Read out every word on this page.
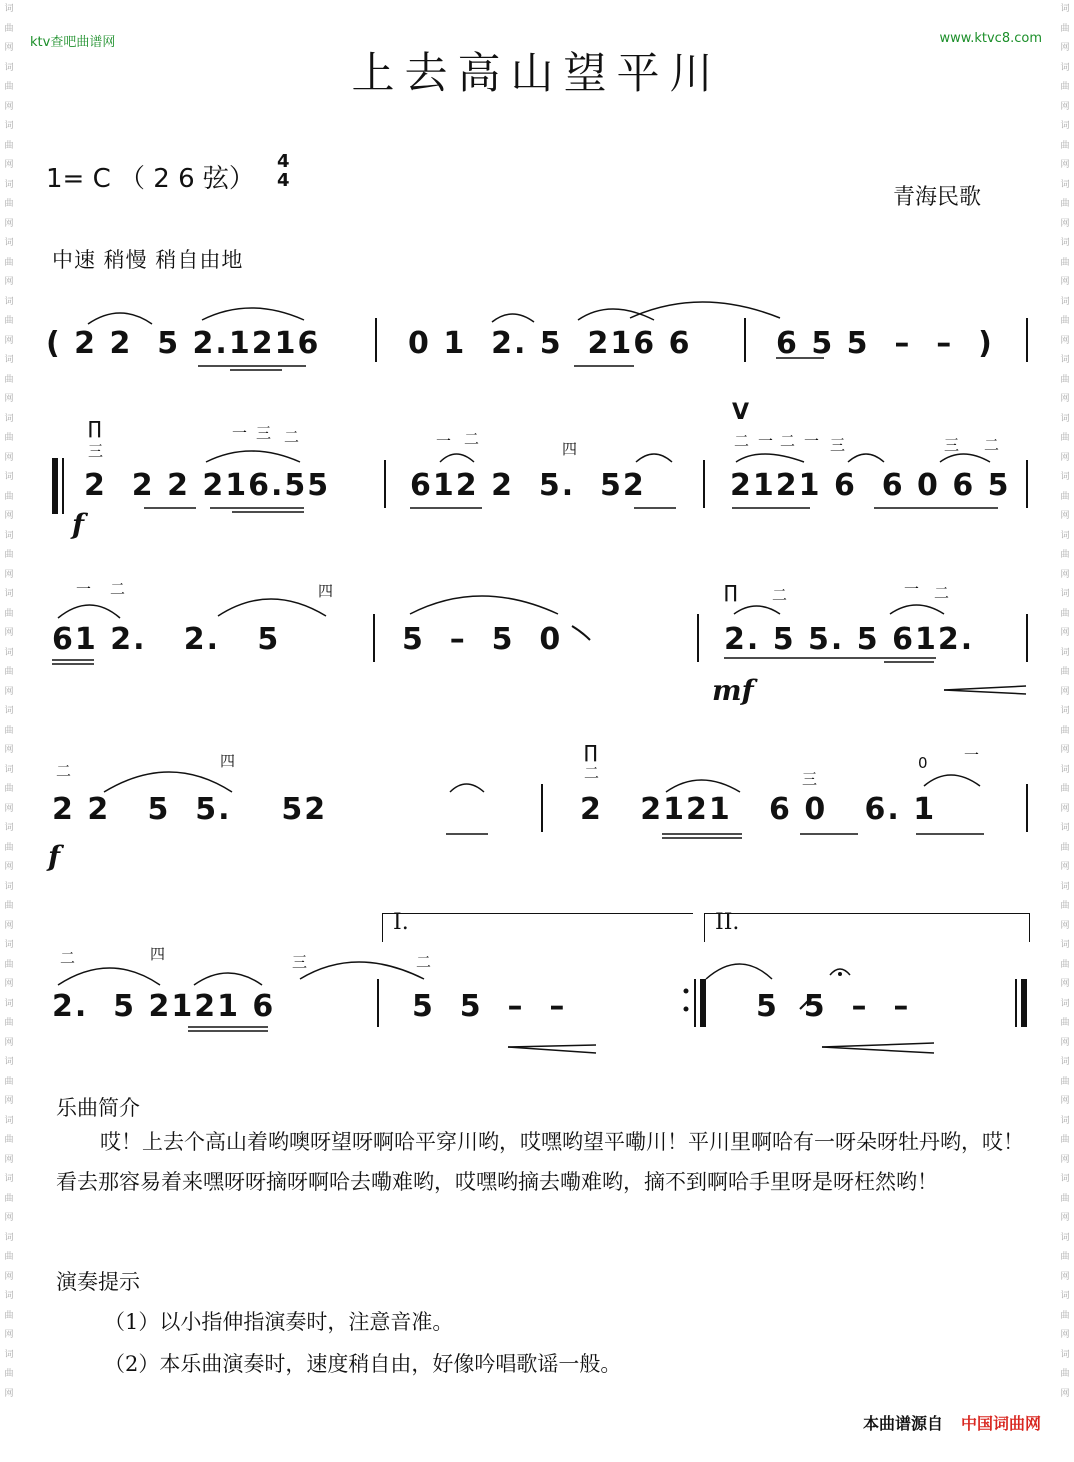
词
曲
网
词
曲
网
词
曲
网
词
曲
网
词
曲
网
词
曲
网
词
曲
网
词
曲
网
词
曲
网
词
曲
网
词
曲
网
词
曲
网
词
曲
网
词
曲
网
词
曲
网
词
曲
网
词
曲
网
词
曲
网
词
曲
网
词
曲
网
词
曲
网
词
曲
网
词
曲
网
词
曲
网
词
曲
网
词
曲
网
词
曲
网
词
曲
网
词
曲
网
词
曲
网
词
曲
网
词
曲
网
词
曲
网
词
曲
网
词
曲
网
词
曲
网
词
曲
网
词
曲
网
词
曲
网
词
曲
网
词
曲
网
词
曲
网
词
曲
网
词
曲
网
词
曲
网
词
曲
网
词
曲
网
词
曲
网
ktv查吧曲谱网	www.ktvc8.com
上去高山望平川
1= C （ 2 6 弦）
4
4
青海民歌
中速 稍慢 稍自由地
( 2 2  5 2.1216	0 1  2. 5  216 6	6 5 5  –  –  )
∏
三
一 三 二	一 二
四
V
二 一 二 一 三	三 二
2  2 2 216.55
f
612 2  5.  52	2121 6  6 0 6 5
一 二	四	∏ 二	一 二
61 2.   2.   5	5  –  5  0	2. 5 5. 5 612.
mf
二
四	∏
二	三
0 一
2 2   5  5.    52
f
2   2121   6 0   6. 1
I.	II.
二	四	三	二
2.  5 2121 6	5  5  –  –	5  5  –  –
乐曲简介
哎！上去个高山着哟噢呀望呀啊哈平穿川哟，哎嘿哟望平嘞川！平川里啊哈有一呀朵呀牡丹哟，哎！看去那容易着来嘿呀呀摘呀啊哈去嘞难哟，哎嘿哟摘去嘞难哟，摘不到啊哈手里呀是呀枉然哟！
演奏提示
（1）以小指伸指演奏时，注意音准。
（2）本乐曲演奏时，速度稍自由，好像吟唱歌谣一般。
本曲谱源自 中国词曲网
